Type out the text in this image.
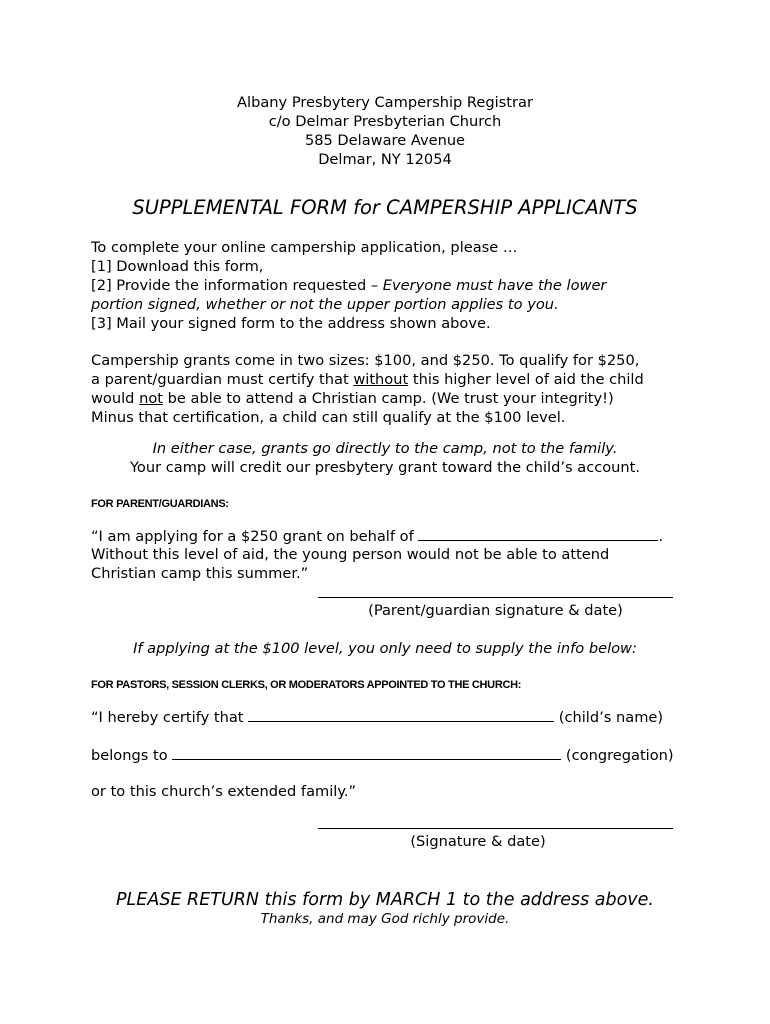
Albany Presbytery Campership Registrar
c/o Delmar Presbyterian Church
585 Delaware Avenue
Delmar, NY 12054
SUPPLEMENTAL FORM for CAMPERSHIP APPLICANTS
To complete your online campership application, please …
[1] Download this form,
[2] Provide the information requested – Everyone must have the lower
portion signed, whether or not the upper portion applies to you.
[3] Mail your signed form to the address shown above.
Campership grants come in two sizes: $100, and $250. To qualify for $250,
a parent/guardian must certify that without this higher level of aid the child
would not be able to attend a Christian camp. (We trust your integrity!)
Minus that certification, a child can still qualify at the $100 level.
In either case, grants go directly to the camp, not to the family.
Your camp will credit our presbytery grant toward the child’s account.
FOR PARENT/GUARDIANS:
“I am applying for a $250 grant on behalf of	.
Without this level of aid, the young person would not be able to attend
Christian camp this summer.”
(Parent/guardian signature & date)
If applying at the $100 level, you only need to supply the info below:
FOR PASTORS, SESSION CLERKS, OR MODERATORS APPOINTED TO THE CHURCH:
“I hereby certify that	(child’s name)
belongs to	(congregation)
or to this church’s extended family.”
(Signature & date)
PLEASE RETURN this form by MARCH 1 to the address above.
Thanks, and may God richly provide.
